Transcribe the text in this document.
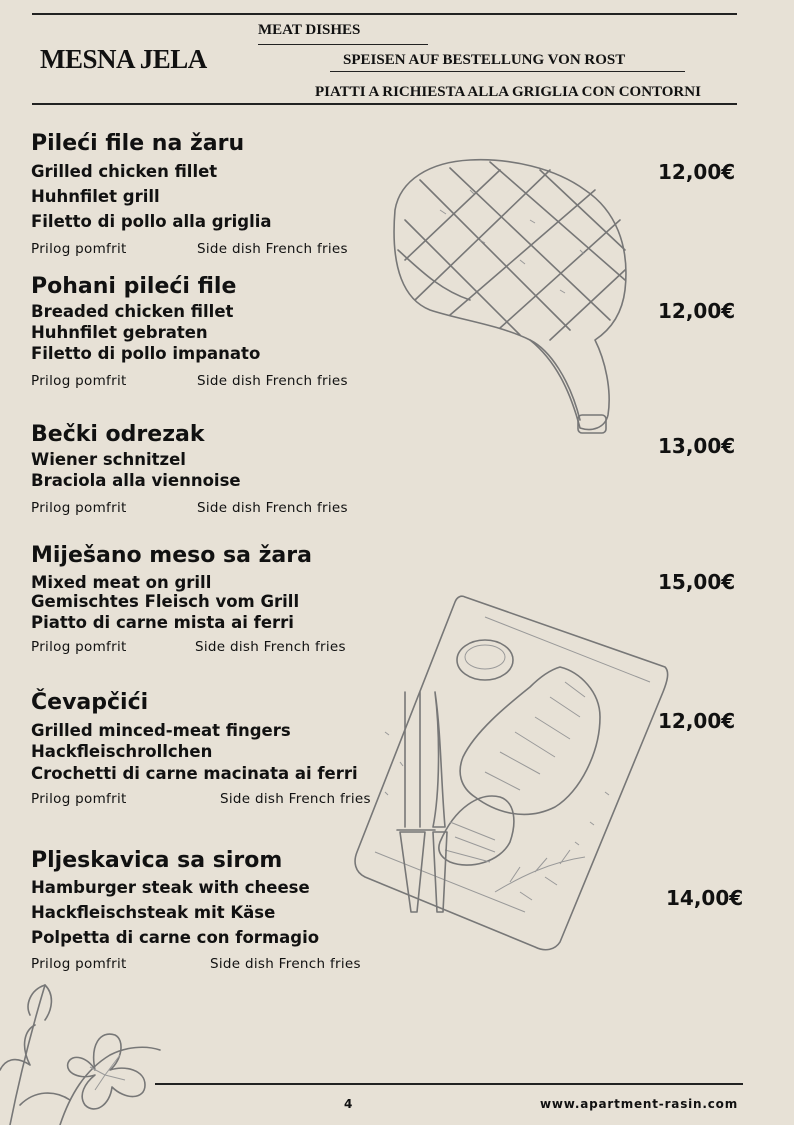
MEAT DISHES
MESNA JELA	SPEISEN AUF BESTELLUNG VON ROST
PIATTI A RICHIESTA ALLA GRIGLIA CON CONTORNI
Pileći file na žaru
Grilled chicken fillet
Huhnfilet grill
Filetto di pollo alla griglia
Prilog pomfrit	Side dish French fries
12,00€
Pohani pileći file
Breaded chicken fillet
Huhnfilet gebraten
Filetto di pollo impanato
Prilog pomfrit	Side dish French fries
12,00€
Bečki odrezak
Wiener schnitzel
Braciola alla viennoise
Prilog pomfrit	Side dish French fries
13,00€
Miješano meso sa žara
Mixed meat on grill
Gemischtes Fleisch vom Grill
Piatto di carne mista ai ferri
Prilog pomfrit	Side dish French fries
15,00€
Čevapčići
Grilled minced-meat fingers
Hackfleischrollchen
Crochetti di carne macinata ai ferri
Prilog pomfrit	Side dish French fries
12,00€
Pljeskavica sa sirom
Hamburger steak with cheese
Hackfleischsteak mit Käse
Polpetta di carne con formagio
Prilog pomfrit	Side dish French fries
14,00€
4	www.apartment-rasin.com
